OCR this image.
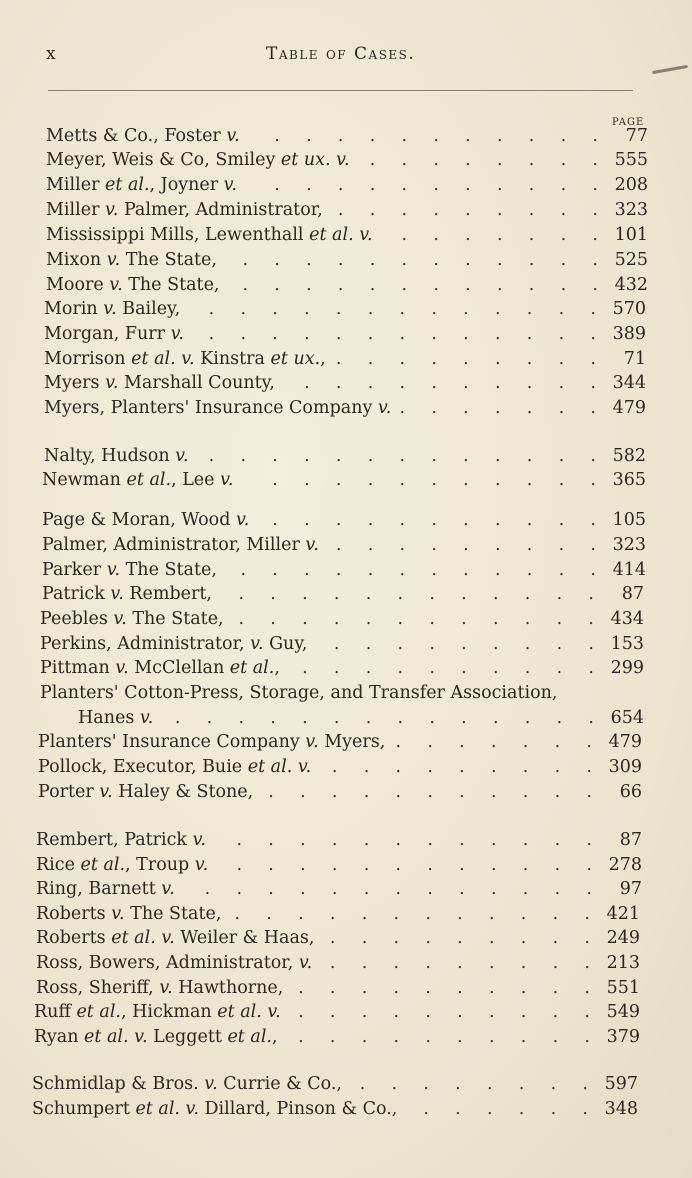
x	Table of Cases.
PAGE
Metts & Co., Foster v. .  .  .  .  .  .  .  .  .  .  .	77
Meyer, Weis & Co, Smiley et ux. v. .  .  .  .  .  .  .  . 555
Miller et al., Joyner v. .  .  .  .  .  .  .  .  .  .  . 208
Miller v. Palmer, Administrator, .  .  .  .  .  .  .  .  . 323
Mississippi Mills, Lewenthall et al. v. .  .  .  .  .  .  . 101
Mixon v. The State, .  .  .  .  .  .  .  .  .  .  .  . 525
Moore v. The State, .  .  .  .  .  .  .  .  .  .  .  . 432
Morin v. Bailey, .  .  .  .  .  .  .  .  .  .  .  .  . 570
Morgan, Furr v. .  .  .  .  .  .  .  .  .  .  .  .  . 389
Morrison et al. v. Kinstra et ux., .  .  .  .  .  .  .  .  .	71
Myers v. Marshall County, .  .  .  .  .  .  .  .  .  . 344
Myers, Planters' Insurance Company v. .  .  .  .  .  .  . 479
Nalty, Hudson v. .  .  .  .  .  .  .  .  .  .  .  .  . 582
Newman et al., Lee v. .  .  .  .  .  .  .  .  .  .  . 365
Page & Moran, Wood v. .  .  .  .  .  .  .  .  .  .  . 105
Palmer, Administrator, Miller v. .  .  .  .  .  .  .  .  . 323
Parker v. The State, .  .  .  .  .  .  .  .  .  .  .  . 414
Patrick v. Rembert, .  .  .  .  .  .  .  .  .  .  .  .	87
Peebles v. The State, .  .  .  .  .  .  .  .  .  .  .  . 434
Perkins, Administrator, v. Guy, .  .  .  .  .  .  .  .  . 153
Pittman v. McClellan et al., .  .  .  .  .  .  .  .  .  . 299
Planters' Cotton-Press, Storage, and Transfer Association,
Hanes v. .  .  .  .  .  .  .  .  .  .  .  .  .  . 654
Planters' Insurance Company v. Myers, .  .  .  .  .  .  . 479
Pollock, Executor, Buie et al. v. .  .  .  .  .  .  .  .  . 309
Porter v. Haley & Stone, .  .  .  .  .  .  .  .  .  .  .	66
Rembert, Patrick v. .  .  .  .  .  .  .  .  .  .  .  .	87
Rice et al., Troup v. .  .  .  .  .  .  .  .  .  .  .  . 278
Ring, Barnett v. .  .  .  .  .  .  .  .  .  .  .  .  .	97
Roberts v. The State, .  .  .  .  .  .  .  .  .  .  .  . 421
Roberts et al. v. Weiler & Haas, .  .  .  .  .  .  .  .  . 249
Ross, Bowers, Administrator, v. .  .  .  .  .  .  .  .  . 213
Ross, Sheriff, v. Hawthorne, .  .  .  .  .  .  .  .  .  . 551
Ruff et al., Hickman et al. v. .  .  .  .  .  .  .  .  .  . 549
Ryan et al. v. Leggett et al., .  .  .  .  .  .  .  .  .  . 379
Schmidlap & Bros. v. Currie & Co., .  .  .  .  .  .  .  . 597
Schumpert et al. v. Dillard, Pinson & Co., .  .  .  .  .  . 348
